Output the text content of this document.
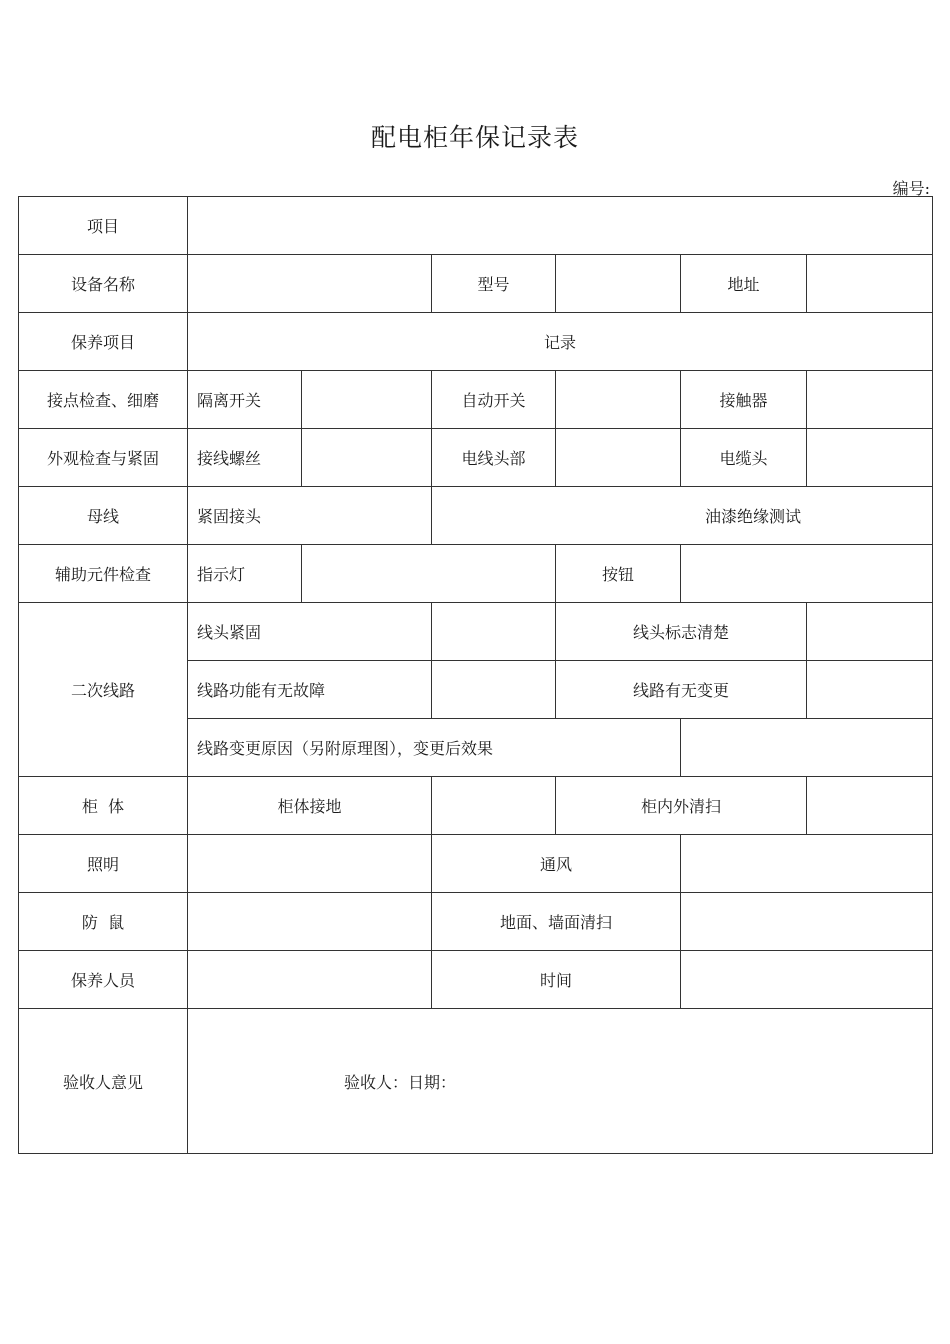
配电柜年保记录表
编号:
项目						
设备名称			型号		地址	
保养项目	记录					
接点检查、细磨	隔离开关		自动开关		接触器	
外观检查与紧固	接线螺丝		电线头部		电缆头	
母线	紧固接头		油漆绝缘测试			
辅助元件检查	指示灯			按钮		
二次线路	线头紧固			线头标志清楚		
	线路功能有无故障			线路有无变更		
	线路变更原因（另附原理图），变更后效果					
柜  体	柜体接地			柜内外清扫		
照明			通风			
防  鼠			地面、墙面清扫			
保养人员			时间			
验收人意见	验收人：日期：					
